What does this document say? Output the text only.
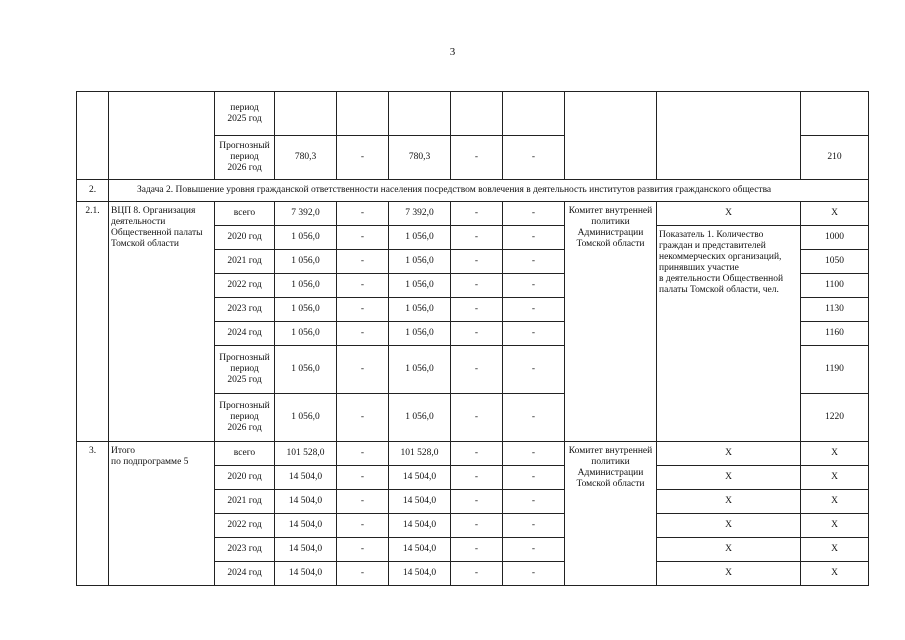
3
		период
2025 год								
		Прогнозный
период
2026 год	780,3	-	780,3	-	-			210
2.	Задача 2. Повышение уровня гражданской ответственности населения посредством вовлечения в деятельность институтов развития гражданского общества									
2.1.	ВЦП 8. Организация деятельности Общественной палаты Томской области	всего	7 392,0	-	7 392,0	-	-	Комитет внутренней политики Администрации Томской области	Х	Х
		2020 год	1 056,0	-	1 056,0	-	-		Показатель 1. Количество граждан и представителей некоммерческих организаций, принявших участие
в деятельности Общественной палаты Томской области, чел.	1000
		2021 год	1 056,0	-	1 056,0	-	-			1050
		2022 год	1 056,0	-	1 056,0	-	-			1100
		2023 год	1 056,0	-	1 056,0	-	-			1130
		2024 год	1 056,0	-	1 056,0	-	-			1160
		Прогнозный
период
2025 год	1 056,0	-	1 056,0	-	-			1190
		Прогнозный
период
2026 год	1 056,0	-	1 056,0	-	-			1220
3.	Итого
по подпрограмме 5	всего	101 528,0	-	101 528,0	-	-	Комитет внутренней политики Администрации Томской области	Х	Х
		2020 год	14 504,0	-	14 504,0	-	-		Х	Х
		2021 год	14 504,0	-	14 504,0	-	-		Х	Х
		2022 год	14 504,0	-	14 504,0	-	-		Х	Х
		2023 год	14 504,0	-	14 504,0	-	-		Х	Х
		2024 год	14 504,0	-	14 504,0	-	-		Х	Х
